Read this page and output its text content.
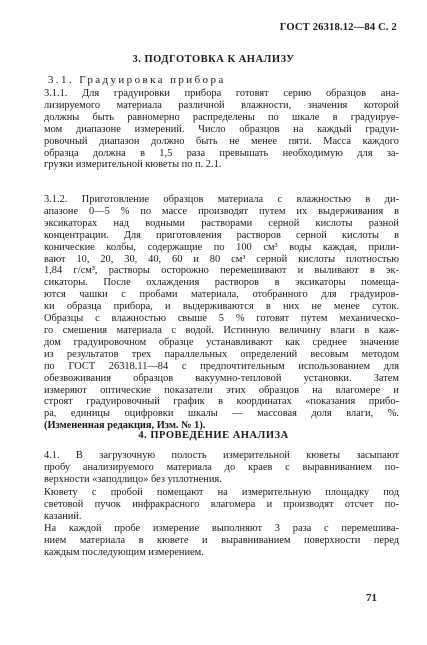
ГОСТ 26318.12—84 С. 2
3. ПОДГОТОВКА К АНАЛИЗУ
3.1. Градуировка прибора
3.1.1. Для градуировки прибора готовят серию образцов ана-
лизируемого материала различной влажности, значения которой
должны быть равномерно распределены по шкале в градуируе-
мом диапазоне измерений. Число образцов на каждый градуи-
ровочный диапазон должно быть не менее пяти. Масса каждого
образца должна в 1,5 раза превышать необходимую для за-
грузки измерительной кюветы по п. 2.1.
3.1.2. Приготовление образцов материала с влажностью в ди-
апазоне 0—5 % по массе производят путем их выдерживания в
эксикаторах над водными растворами серной кислоты разной
концентрации. Для приготовления растворов серной кислоты в
конические колбы, содержащие по 100 см³ воды каждая, прили-
вают 10, 20, 30, 40, 60 и 80 см³ серной кислоты плотностью
1,84 г/см³, растворы осторожно перемешивают и выливают в эк-
сикаторы. После охлаждения растворов в эксикаторы помеща-
ются чашки с пробами материала, отобранного для градуиров-
ки образца прибора, и выдерживаются в них не менее суток.
Образцы с влажностью свыше 5 % готовят путем механическо-
го смешения материала с водой. Истинную величину влаги в каж-
дом градуировочном образце устанавливают как среднее значение
из результатов трех параллельных определений весовым методом
по ГОСТ 26318.11—84 с предпочтительным использованием для
обезвоживания образцов вакуумно-тепловой установки. Затем
измеряют оптические показатели этих образцов на влагомере и
строят градуировочный график в координатах «показания прибо-
ра, единицы оцифровки шкалы — массовая доля влаги, %.
(Измененная редакция, Изм. № 1).
4. ПРОВЕДЕНИЕ АНАЛИЗА
4.1. В загрузочную полость измерительной кюветы засыпают
пробу анализируемого материала до краев с выравниванием по-
верхности «заподлицо» без уплотнения.
Кювету с пробой помещают на измерительную площадку под
световой пучок инфракрасного влагомера и производят отсчет по-
казаний.
На каждой пробе измерение выполняют 3 раза с перемешива-
нием материала в кювете и выравниванием поверхности перед
каждым последующим измерением.
71
